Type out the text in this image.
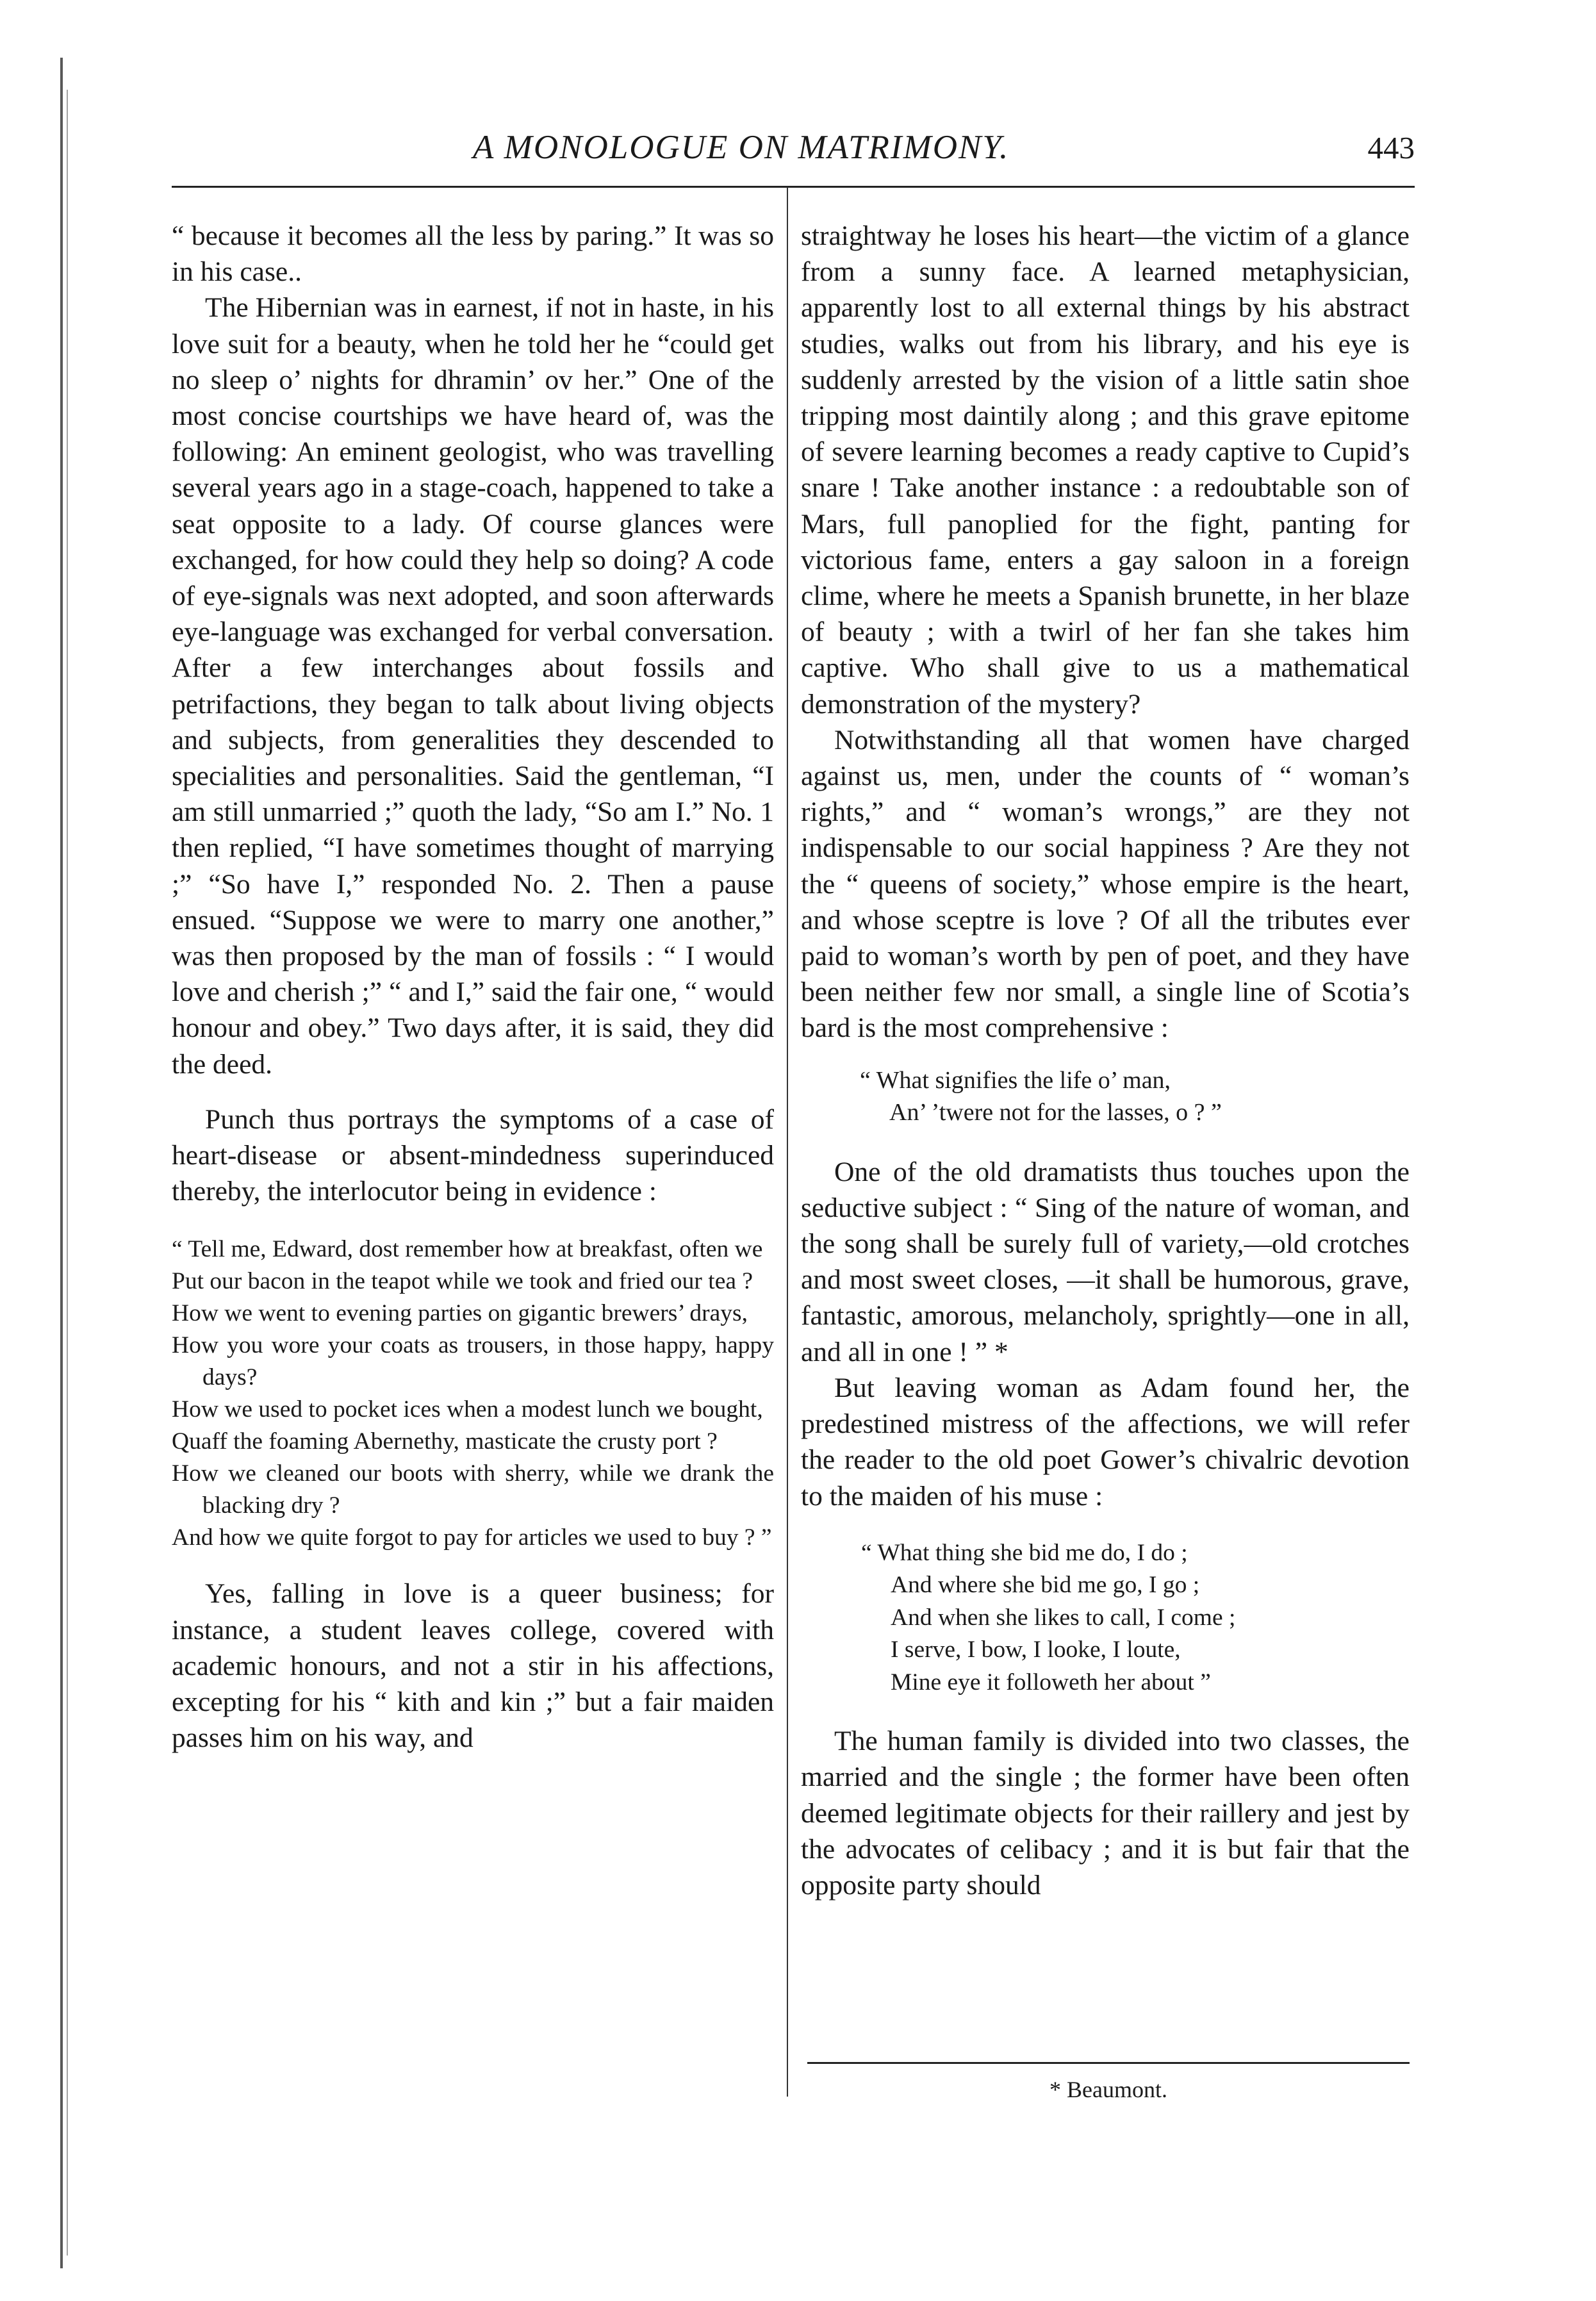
A MONOLOGUE ON MATRIMONY.	443

“ because it becomes all the less by paring.” It was so in his case..

The Hibernian was in earnest, if not in haste, in his love suit for a beauty, when he told her he “could get no sleep o’ nights for dhramin’ ov her.” One of the most concise courtships we have heard of, was the following: An eminent geologist, who was travelling several years ago in a stage-coach, happened to take a seat opposite to a lady. Of course glances were exchanged, for how could they help so doing? A code of eye-signals was next adopted, and soon afterwards eye-language was exchanged for verbal conversation. After a few interchanges about fossils and petrifactions, they began to talk about living objects and subjects, from generalities they descended to specialities and personalities. Said the gentleman, “I am still unmarried ;” quoth the lady, “So am I.” No. 1 then replied, “I have sometimes thought of marrying ;” “So have I,” responded No. 2. Then a pause ensued. “Suppose we were to marry one another,” was then proposed by the man of fossils : “ I would love and cherish ;” “ and I,” said the fair one, “ would honour and obey.” Two days after, it is said, they did the deed.

Punch thus portrays the symptoms of a case of heart-disease or absent-mindedness superinduced thereby, the interlocutor being in evidence :

“ Tell me, Edward, dost remember how at breakfast, often we
Put our bacon in the teapot while we took and fried our tea ?
How we went to evening parties on gigantic brewers’ drays,
How you wore your coats as trousers, in those happy, happy days?
How we used to pocket ices when a modest lunch we bought,
Quaff the foaming Abernethy, masticate the crusty port ?
How we cleaned our boots with sherry, while we drank the blacking dry ?
And how we quite forgot to pay for articles we used to buy ? ”

Yes, falling in love is a queer business; for instance, a student leaves college, covered with academic honours, and not a stir in his affections, excepting for his “ kith and kin ;” but a fair maiden passes him on his way, and

straightway he loses his heart—the victim of a glance from a sunny face. A learned metaphysician, apparently lost to all external things by his abstract studies, walks out from his library, and his eye is suddenly arrested by the vision of a little satin shoe tripping most daintily along ; and this grave epitome of severe learning becomes a ready captive to Cupid’s snare ! Take another instance : a redoubtable son of Mars, full panoplied for the fight, panting for victorious fame, enters a gay saloon in a foreign clime, where he meets a Spanish brunette, in her blaze of beauty ; with a twirl of her fan she takes him captive. Who shall give to us a mathematical demonstration of the mystery?

Notwithstanding all that women have charged against us, men, under the counts of “ woman’s rights,” and “ woman’s wrongs,” are they not indispensable to our social happiness ? Are they not the “ queens of society,” whose empire is the heart, and whose sceptre is love ? Of all the tributes ever paid to woman’s worth by pen of poet, and they have been neither few nor small, a single line of Scotia’s bard is the most comprehensive :

“ What signifies the life o’ man,
An’ ’twere not for the lasses, o ? ”

One of the old dramatists thus touches upon the seductive subject : “ Sing of the nature of woman, and the song shall be surely full of variety,—old crotches and most sweet closes, —it shall be humorous, grave, fantastic, amorous, melancholy, sprightly—one in all, and all in one ! ” *

But leaving woman as Adam found her, the predestined mistress of the affections, we will refer the reader to the old poet Gower’s chivalric devotion to the maiden of his muse :

“ What thing she bid me do, I do ;
And where she bid me go, I go ;
And when she likes to call, I come ;
I serve, I bow, I looke, I loute,
Mine eye it followeth her about ”

The human family is divided into two classes, the married and the single ; the former have been often deemed legitimate objects for their raillery and jest by the advocates of celibacy ; and it is but fair that the opposite party should

* Beaumont.
